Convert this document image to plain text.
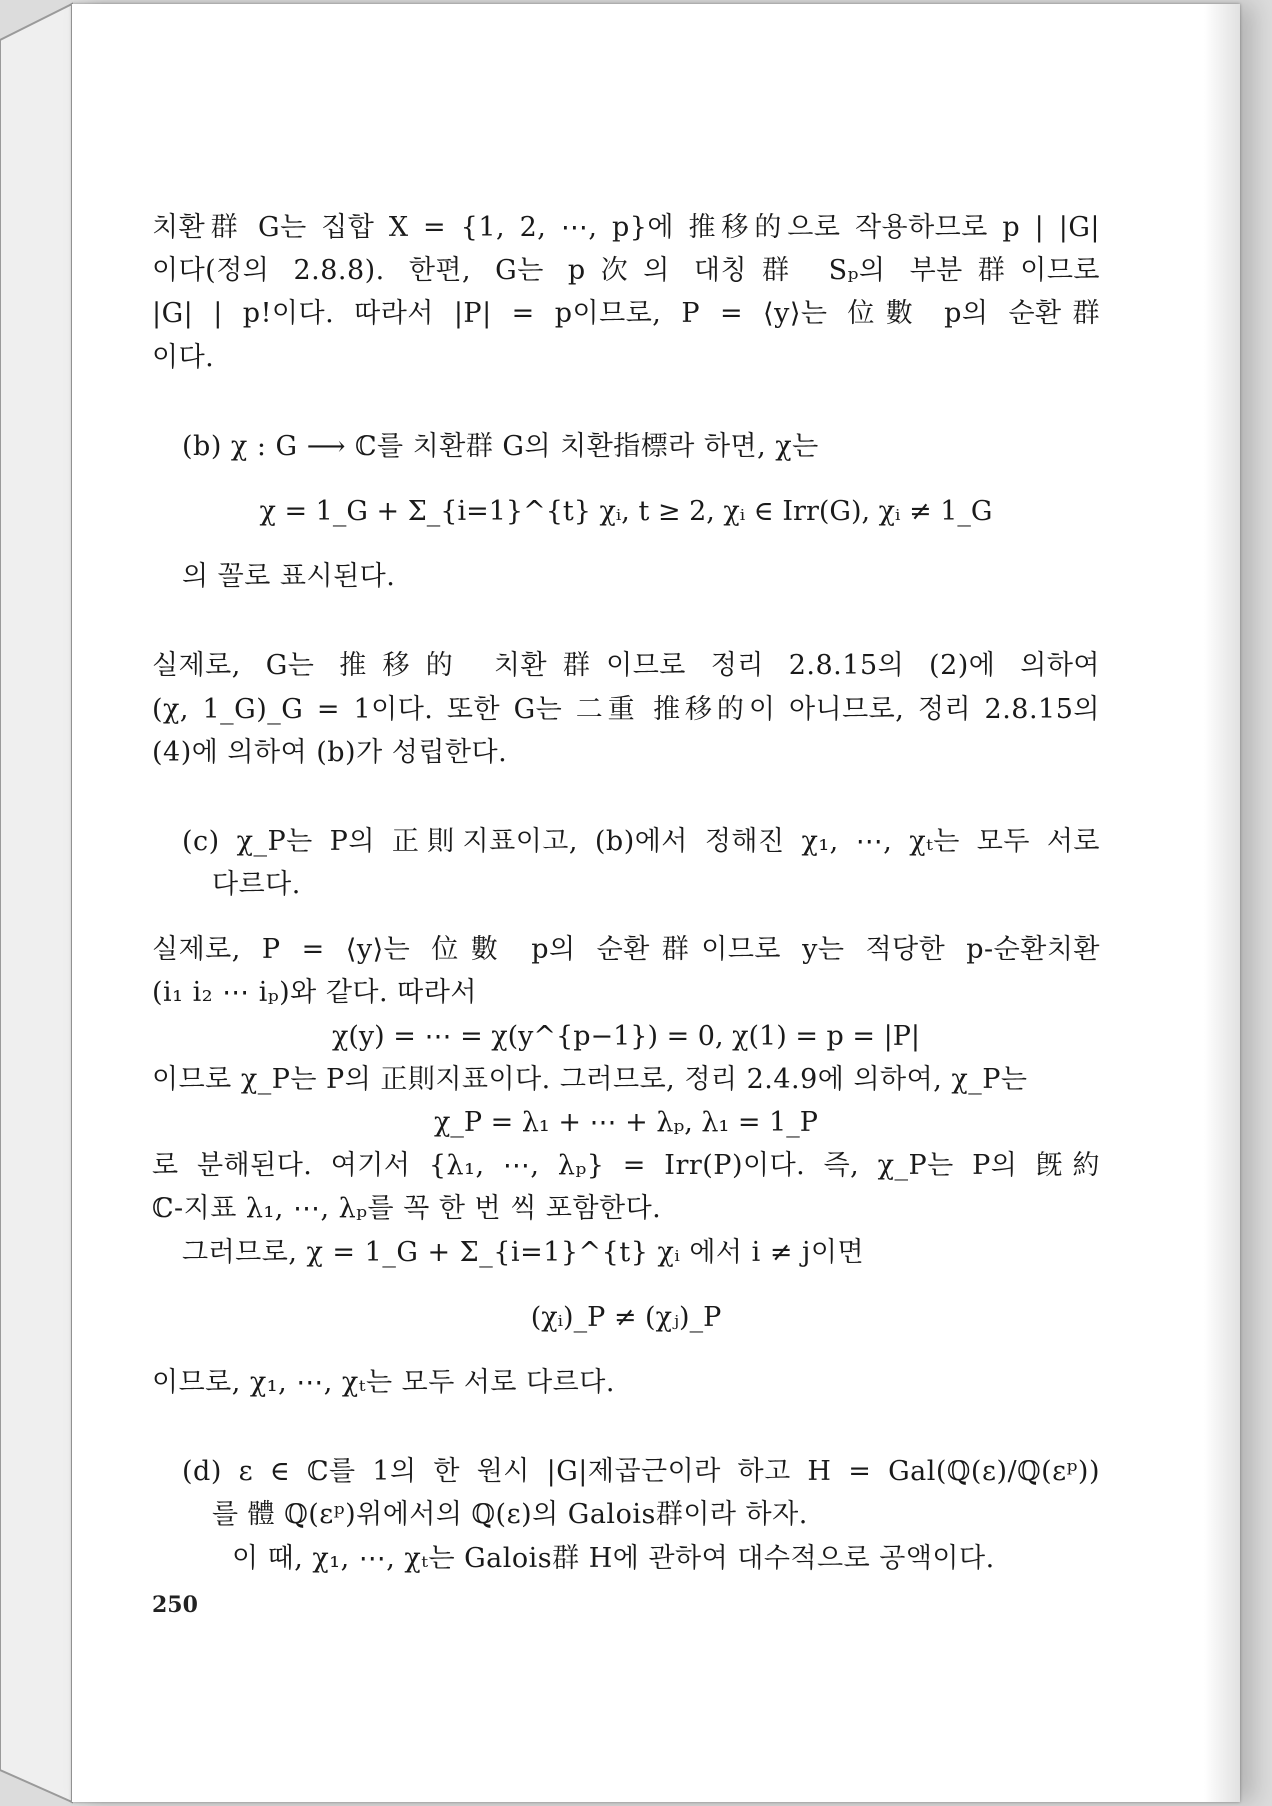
치환群 G는 집합 X = {1, 2, ⋯, p}에 推移的으로 작용하므로 p | |G|

이다(정의 2.8.8). 한편, G는 p次의 대칭群 Sₚ의 부분群이므로

|G| | p!이다. 따라서 |P| = p이므로, P = ⟨y⟩는 位數 p의 순환群

이다.

(b) χ : G ⟶ ℂ를 치환群 G의 치환指標라 하면, χ는

χ = 1_G + Σ_{i=1}^{t} χᵢ, t ≥ 2, χᵢ ∈ Irr(G), χᵢ ≠ 1_G

의 꼴로 표시된다.

실제로, G는 推移的 치환群이므로 정리 2.8.15의 (2)에 의하여

(χ, 1_G)_G = 1이다. 또한 G는 二重 推移的이 아니므로, 정리 2.8.15의

(4)에 의하여 (b)가 성립한다.

(c) χ_P는 P의 正則지표이고, (b)에서 정해진 χ₁, ⋯, χₜ는 모두 서로

다르다.

실제로, P = ⟨y⟩는 位數 p의 순환群이므로 y는 적당한 p-순환치환

(i₁ i₂ ⋯ iₚ)와 같다. 따라서

χ(y) = ⋯ = χ(y^{p−1}) = 0, χ(1) = p = |P|

이므로 χ_P는 P의 正則지표이다. 그러므로, 정리 2.4.9에 의하여, χ_P는

χ_P = λ₁ + ⋯ + λₚ, λ₁ = 1_P

로 분해된다. 여기서 {λ₁, ⋯, λₚ} = Irr(P)이다. 즉, χ_P는 P의 旣約

ℂ-지표 λ₁, ⋯, λₚ를 꼭 한 번 씩 포함한다.

그러므로, χ = 1_G + Σ_{i=1}^{t} χᵢ 에서 i ≠ j이면

(χᵢ)_P ≠ (χⱼ)_P

이므로, χ₁, ⋯, χₜ는 모두 서로 다르다.

(d) ε ∈ ℂ를 1의 한 원시 |G|제곱근이라 하고 H = Gal(ℚ(ε)/ℚ(εᵖ))

를 體 ℚ(εᵖ)위에서의 ℚ(ε)의 Galois群이라 하자.

이 때, χ₁, ⋯, χₜ는 Galois群 H에 관하여 대수적으로 공액이다.

250
